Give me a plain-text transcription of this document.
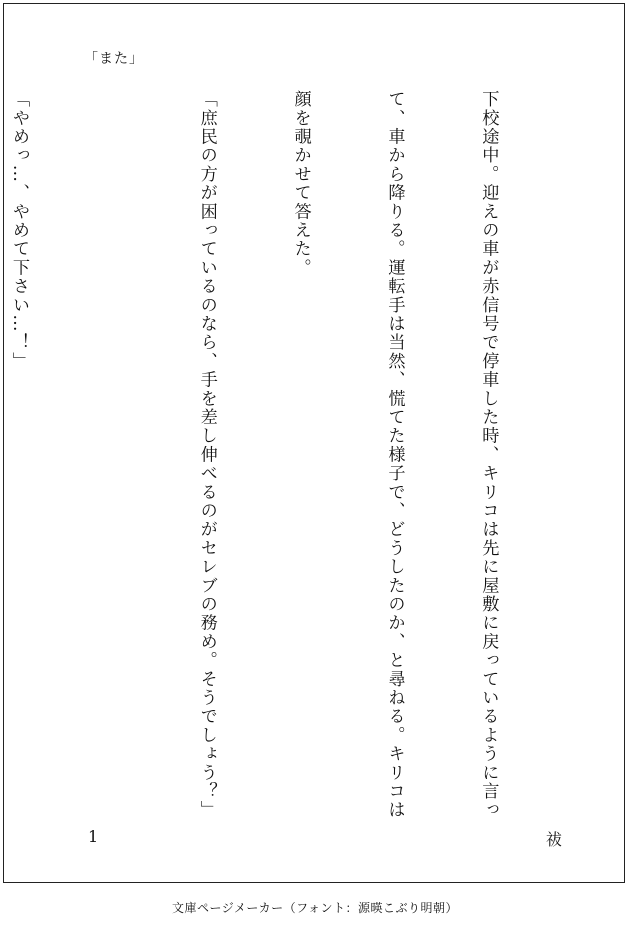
「また」

下校途中。迎えの車が赤信号で停車した時、キリコは先に屋敷に戻っているように言っ

て、車から降りる。運転手は当然、慌てた様子で、どうしたのか、と尋ねる。キリコは

顔を覗かせて答えた。

「庶民の方が困っているのなら、手を差し伸べるのがセレブの務め。そうでしょう？」

「やめっ…、やめて下さい…！」

1	祓
文庫ページメーカー（フォント：源暎こぶり明朝）
